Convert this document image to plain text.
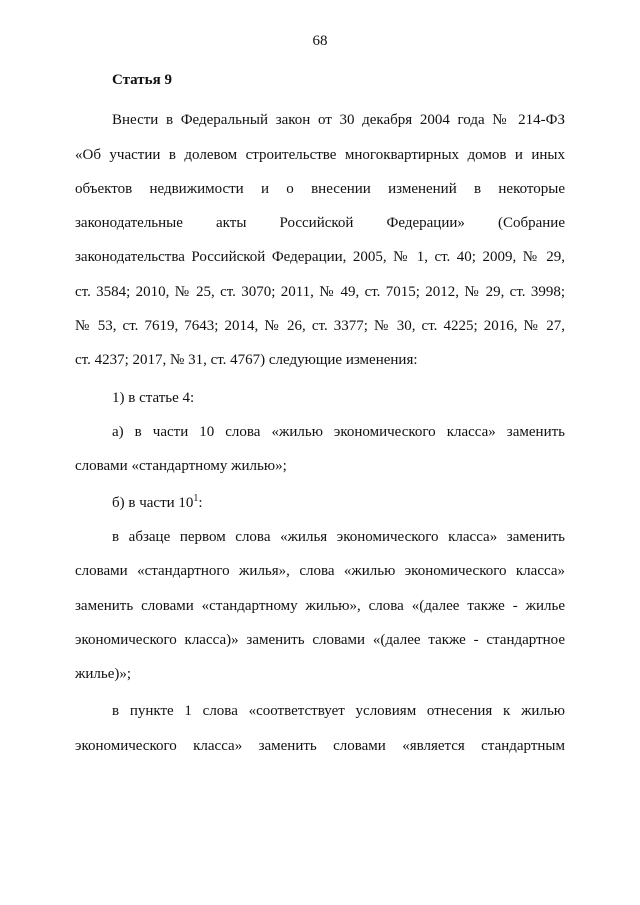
68
Статья 9
Внести в Федеральный закон от 30 декабря 2004 года № 214-ФЗ
«Об участии в долевом строительстве многоквартирных домов и иных
объектов недвижимости и о внесении изменений в некоторые
законодательные акты Российской Федерации» (Собрание
законодательства Российской Федерации, 2005, № 1, ст. 40; 2009, № 29,
ст. 3584; 2010, № 25, ст. 3070; 2011, № 49, ст. 7015; 2012, № 29, ст. 3998;
№ 53, ст. 7619, 7643; 2014, № 26, ст. 3377; № 30, ст. 4225; 2016, № 27,
ст. 4237; 2017, № 31, ст. 4767) следующие изменения:
1) в статье 4:
а) в части 10 слова «жилью экономического класса» заменить
словами «стандартному жилью»;
б) в части $10^1$:
в абзаце первом слова «жилья экономического класса» заменить
словами «стандартного жилья», слова «жилью экономического класса»
заменить словами «стандартному жилью», слова «(далее также - жилье
экономического класса)» заменить словами «(далее также - стандартное
жилье)»;
в пункте 1 слова «соответствует условиям отнесения к жилью
экономического класса» заменить словами «является стандартным
